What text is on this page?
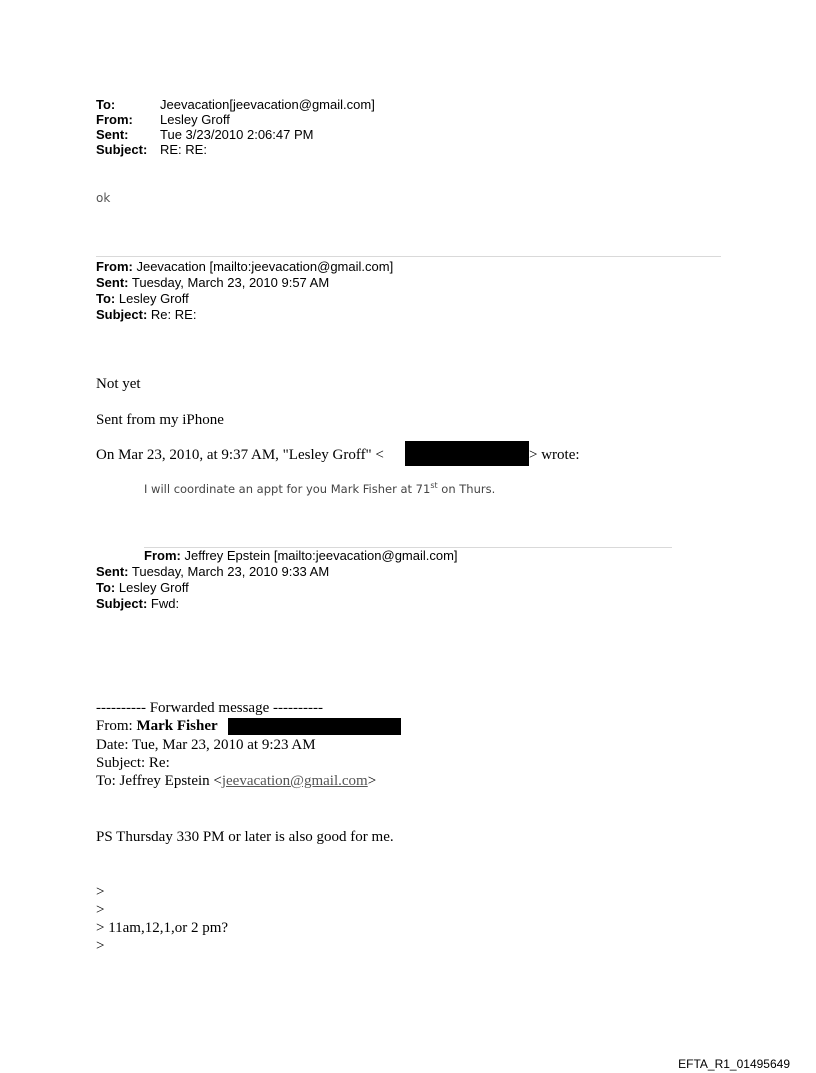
To:	Jeevacation[jeevacation@gmail.com]
From: Lesley Groff
Sent: Tue 3/23/2010 2:06:47 PM
Subject: RE: RE:
ok
From: Jeevacation [mailto:jeevacation@gmail.com]
Sent: Tuesday, March 23, 2010 9:57 AM
To: Lesley Groff
Subject: Re: RE:
Not yet
Sent from my iPhone
On Mar 23, 2010, at 9:37 AM, "Lesley Groff" <	> wrote:
I will coordinate an appt for you Mark Fisher at 71st on Thurs.
From: Jeffrey Epstein [mailto:jeevacation@gmail.com]
Sent: Tuesday, March 23, 2010 9:33 AM
To: Lesley Groff
Subject: Fwd:
---------- Forwarded message ----------
From: Mark Fisher
Date: Tue, Mar 23, 2010 at 9:23 AM
Subject: Re:
To: Jeffrey Epstein <jeevacation@gmail.com>
PS Thursday 330 PM or later is also good for me.
>
>
> 11am,12,1,or 2 pm?
>
EFTA_R1_01495649
